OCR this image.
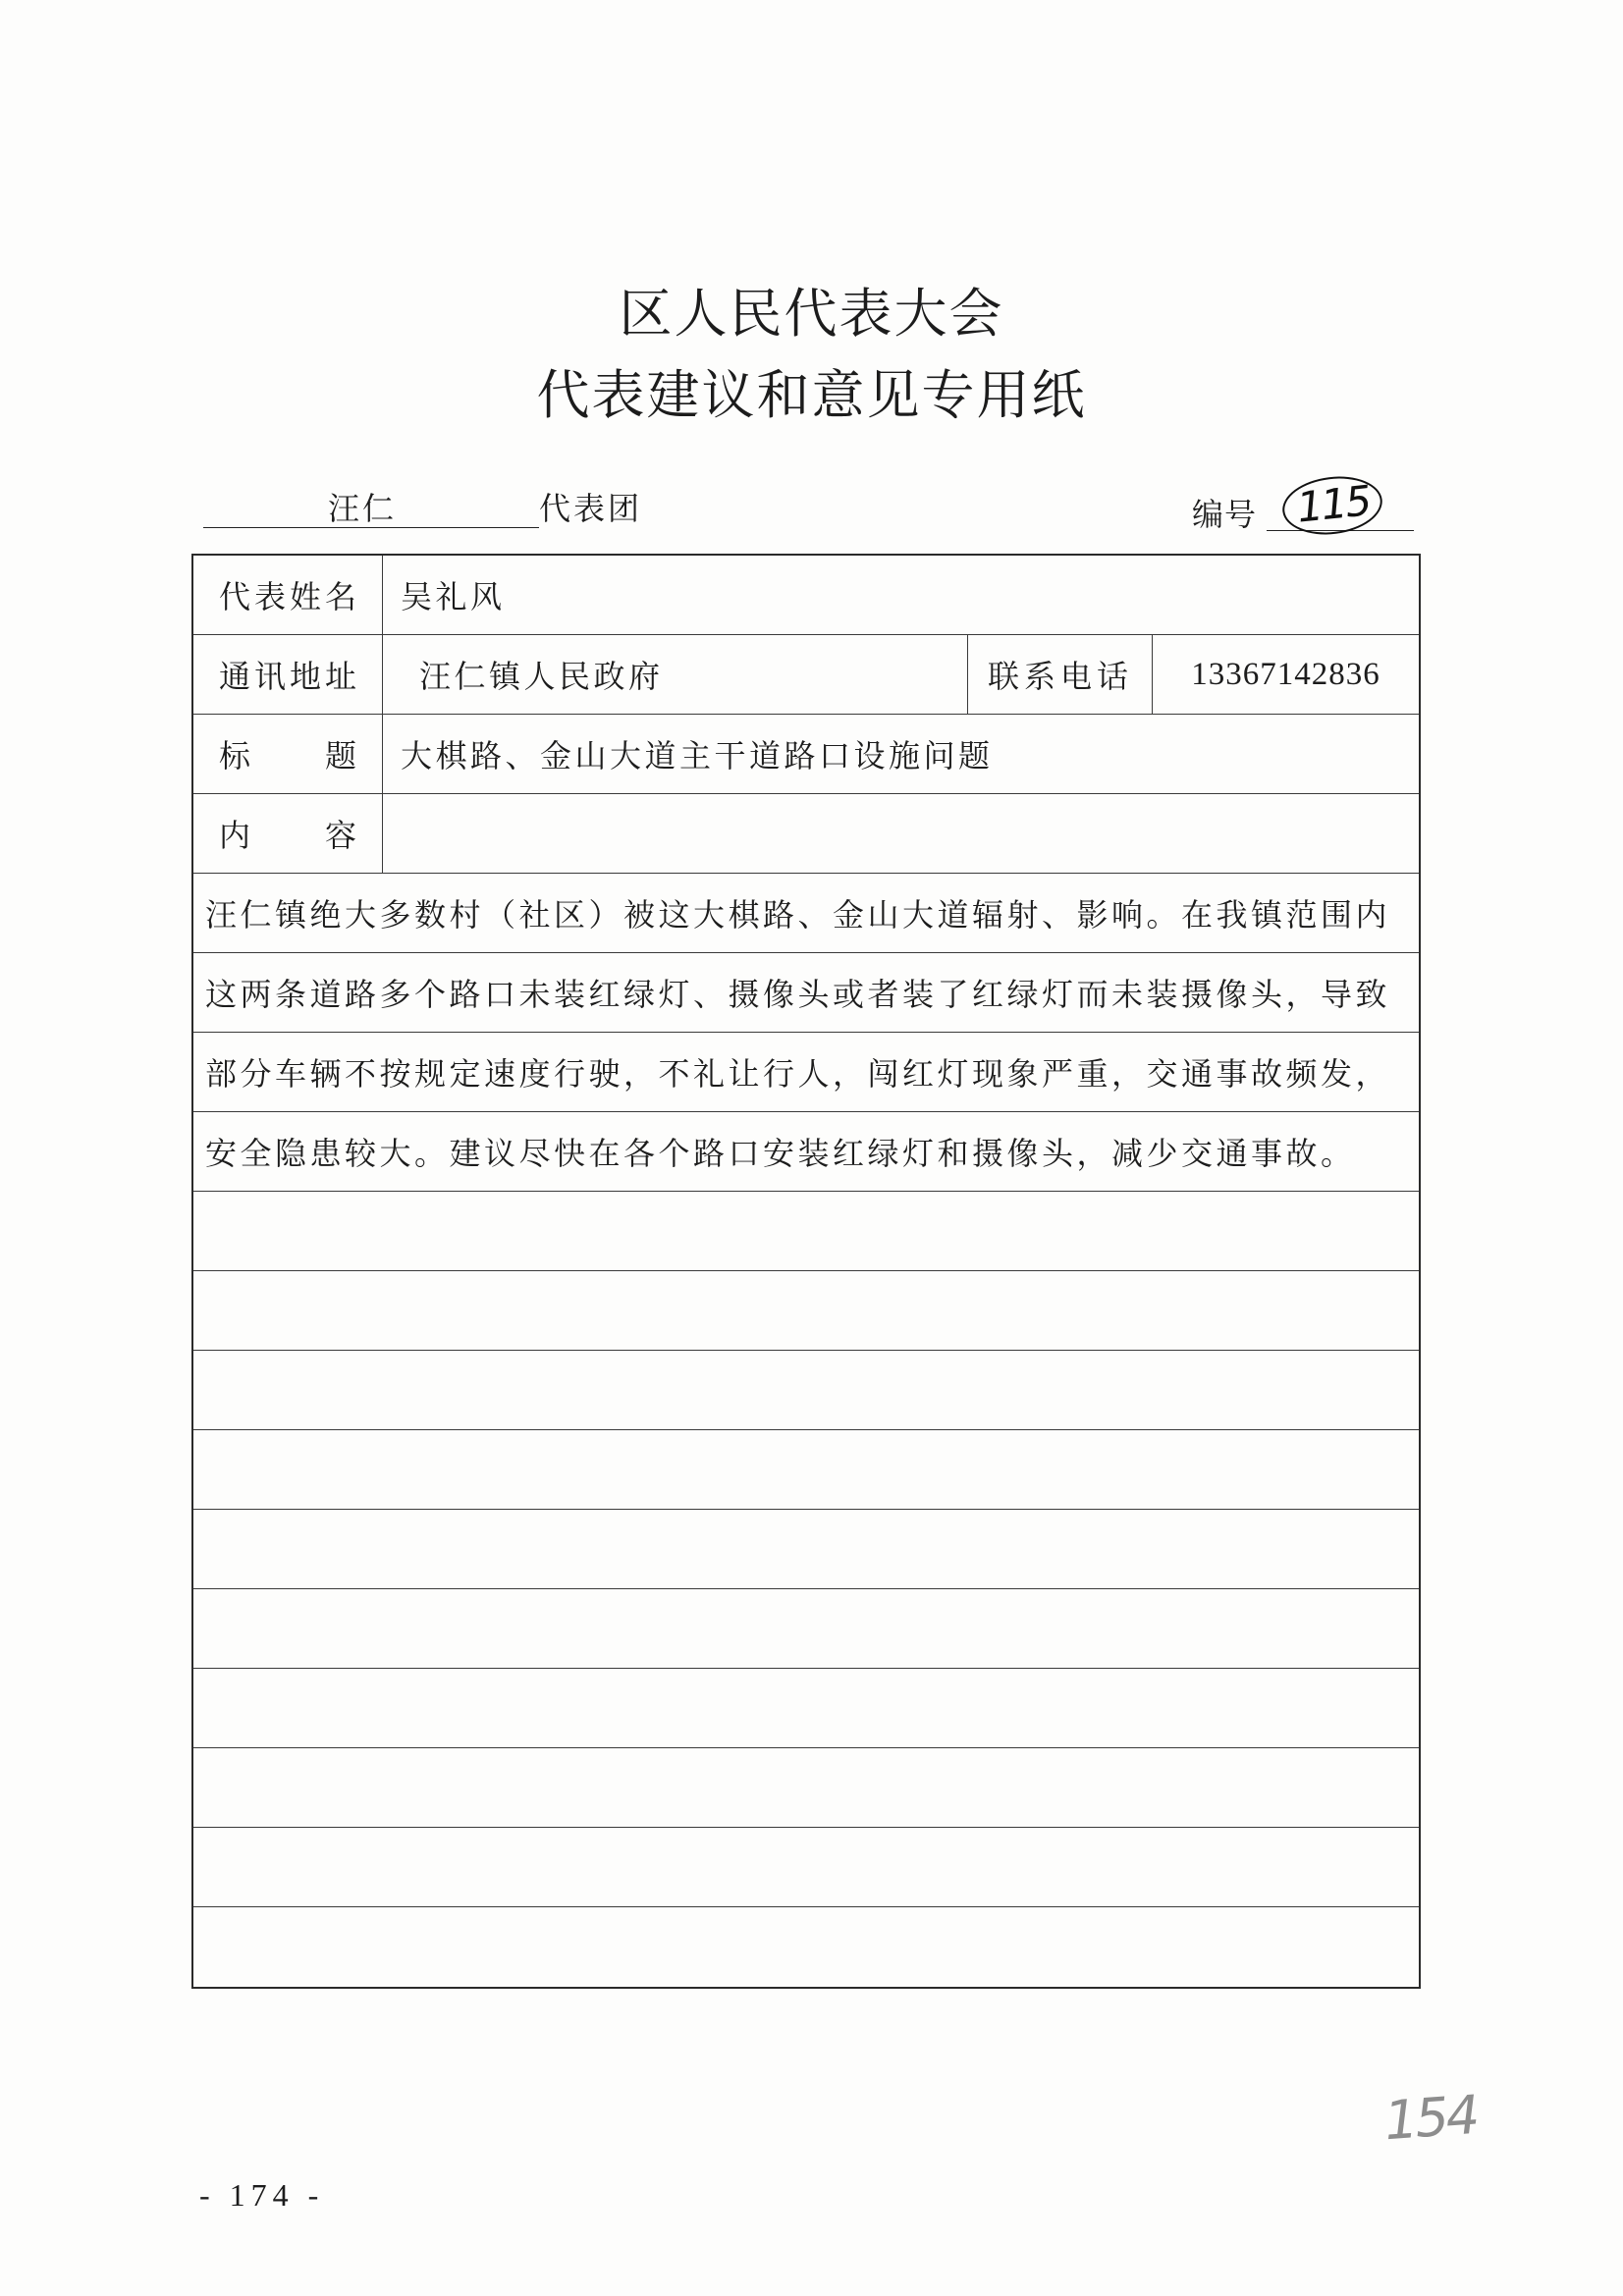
区人民代表大会
代表建议和意见专用纸
汪仁	代表团	编号 115
代表姓名	吴礼风
通讯地址	汪仁镇人民政府	联系电话	13367142836
标 题	大棋路、金山大道主干道路口设施问题
内 容
汪仁镇绝大多数村（社区）被这大棋路、金山大道辐射、影响。在我镇范围内
这两条道路多个路口未装红绿灯、摄像头或者装了红绿灯而未装摄像头，导致
部分车辆不按规定速度行驶，不礼让行人，闯红灯现象严重，交通事故频发，
安全隐患较大。建议尽快在各个路口安装红绿灯和摄像头，减少交通事故。
154
- 174 -
